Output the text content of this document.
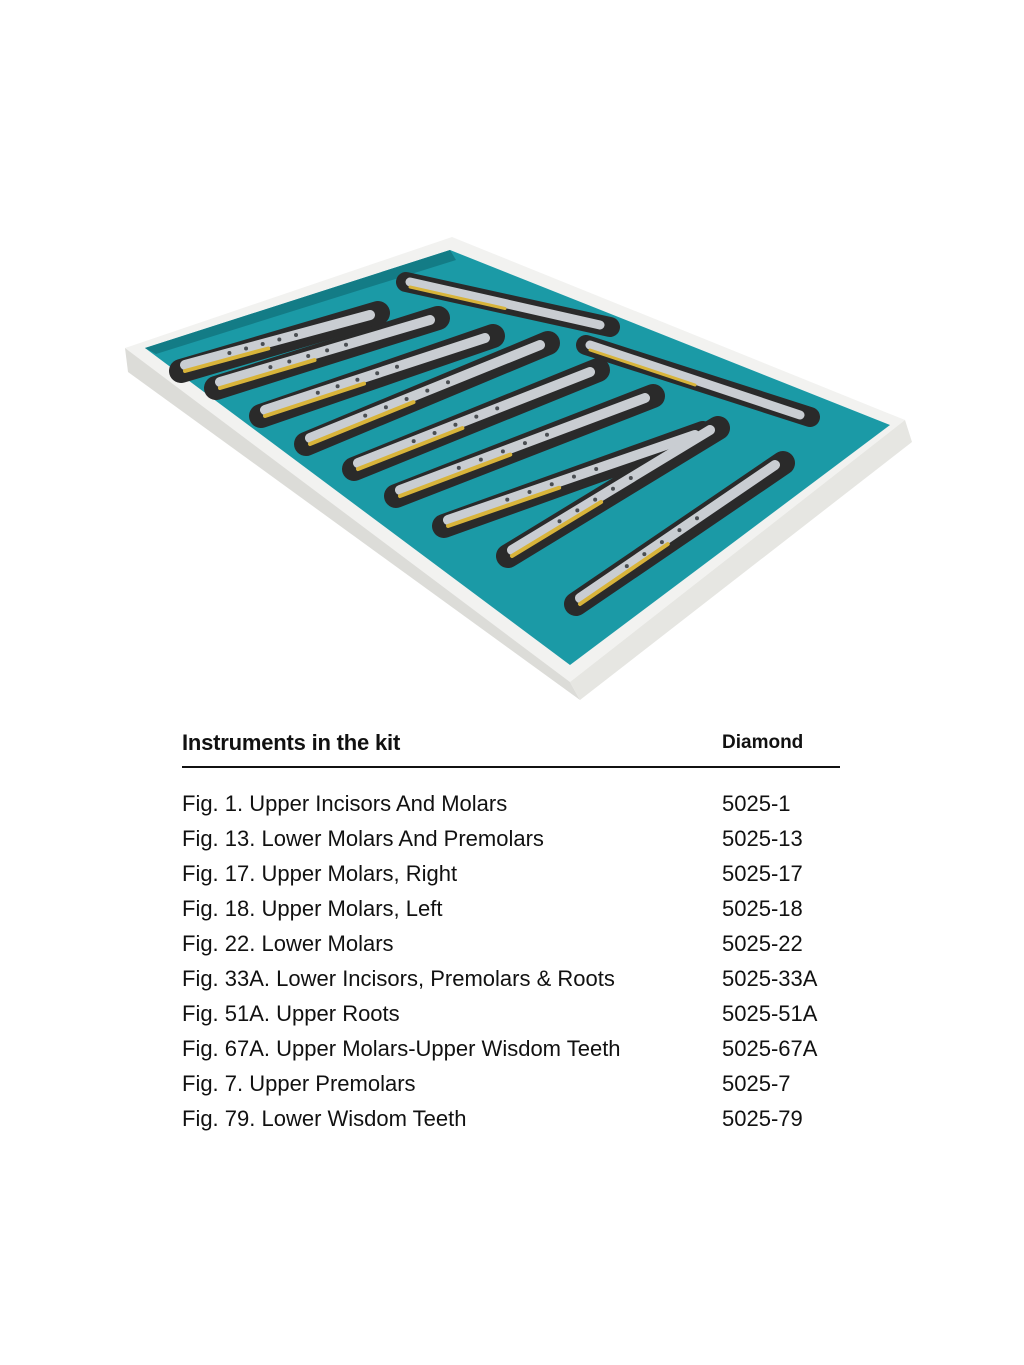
Instruments in the kit	Diamond
Fig. 1. Upper Incisors And Molars	5025-1
Fig. 13. Lower Molars And Premolars	5025-13
Fig. 17. Upper Molars, Right	5025-17
Fig. 18. Upper Molars, Left	5025-18
Fig. 22. Lower Molars	5025-22
Fig. 33A. Lower Incisors, Premolars & Roots	5025-33A
Fig. 51A. Upper Roots	5025-51A
Fig. 67A. Upper Molars-Upper Wisdom Teeth	5025-67A
Fig. 7. Upper Premolars	5025-7
Fig. 79. Lower Wisdom Teeth	5025-79
